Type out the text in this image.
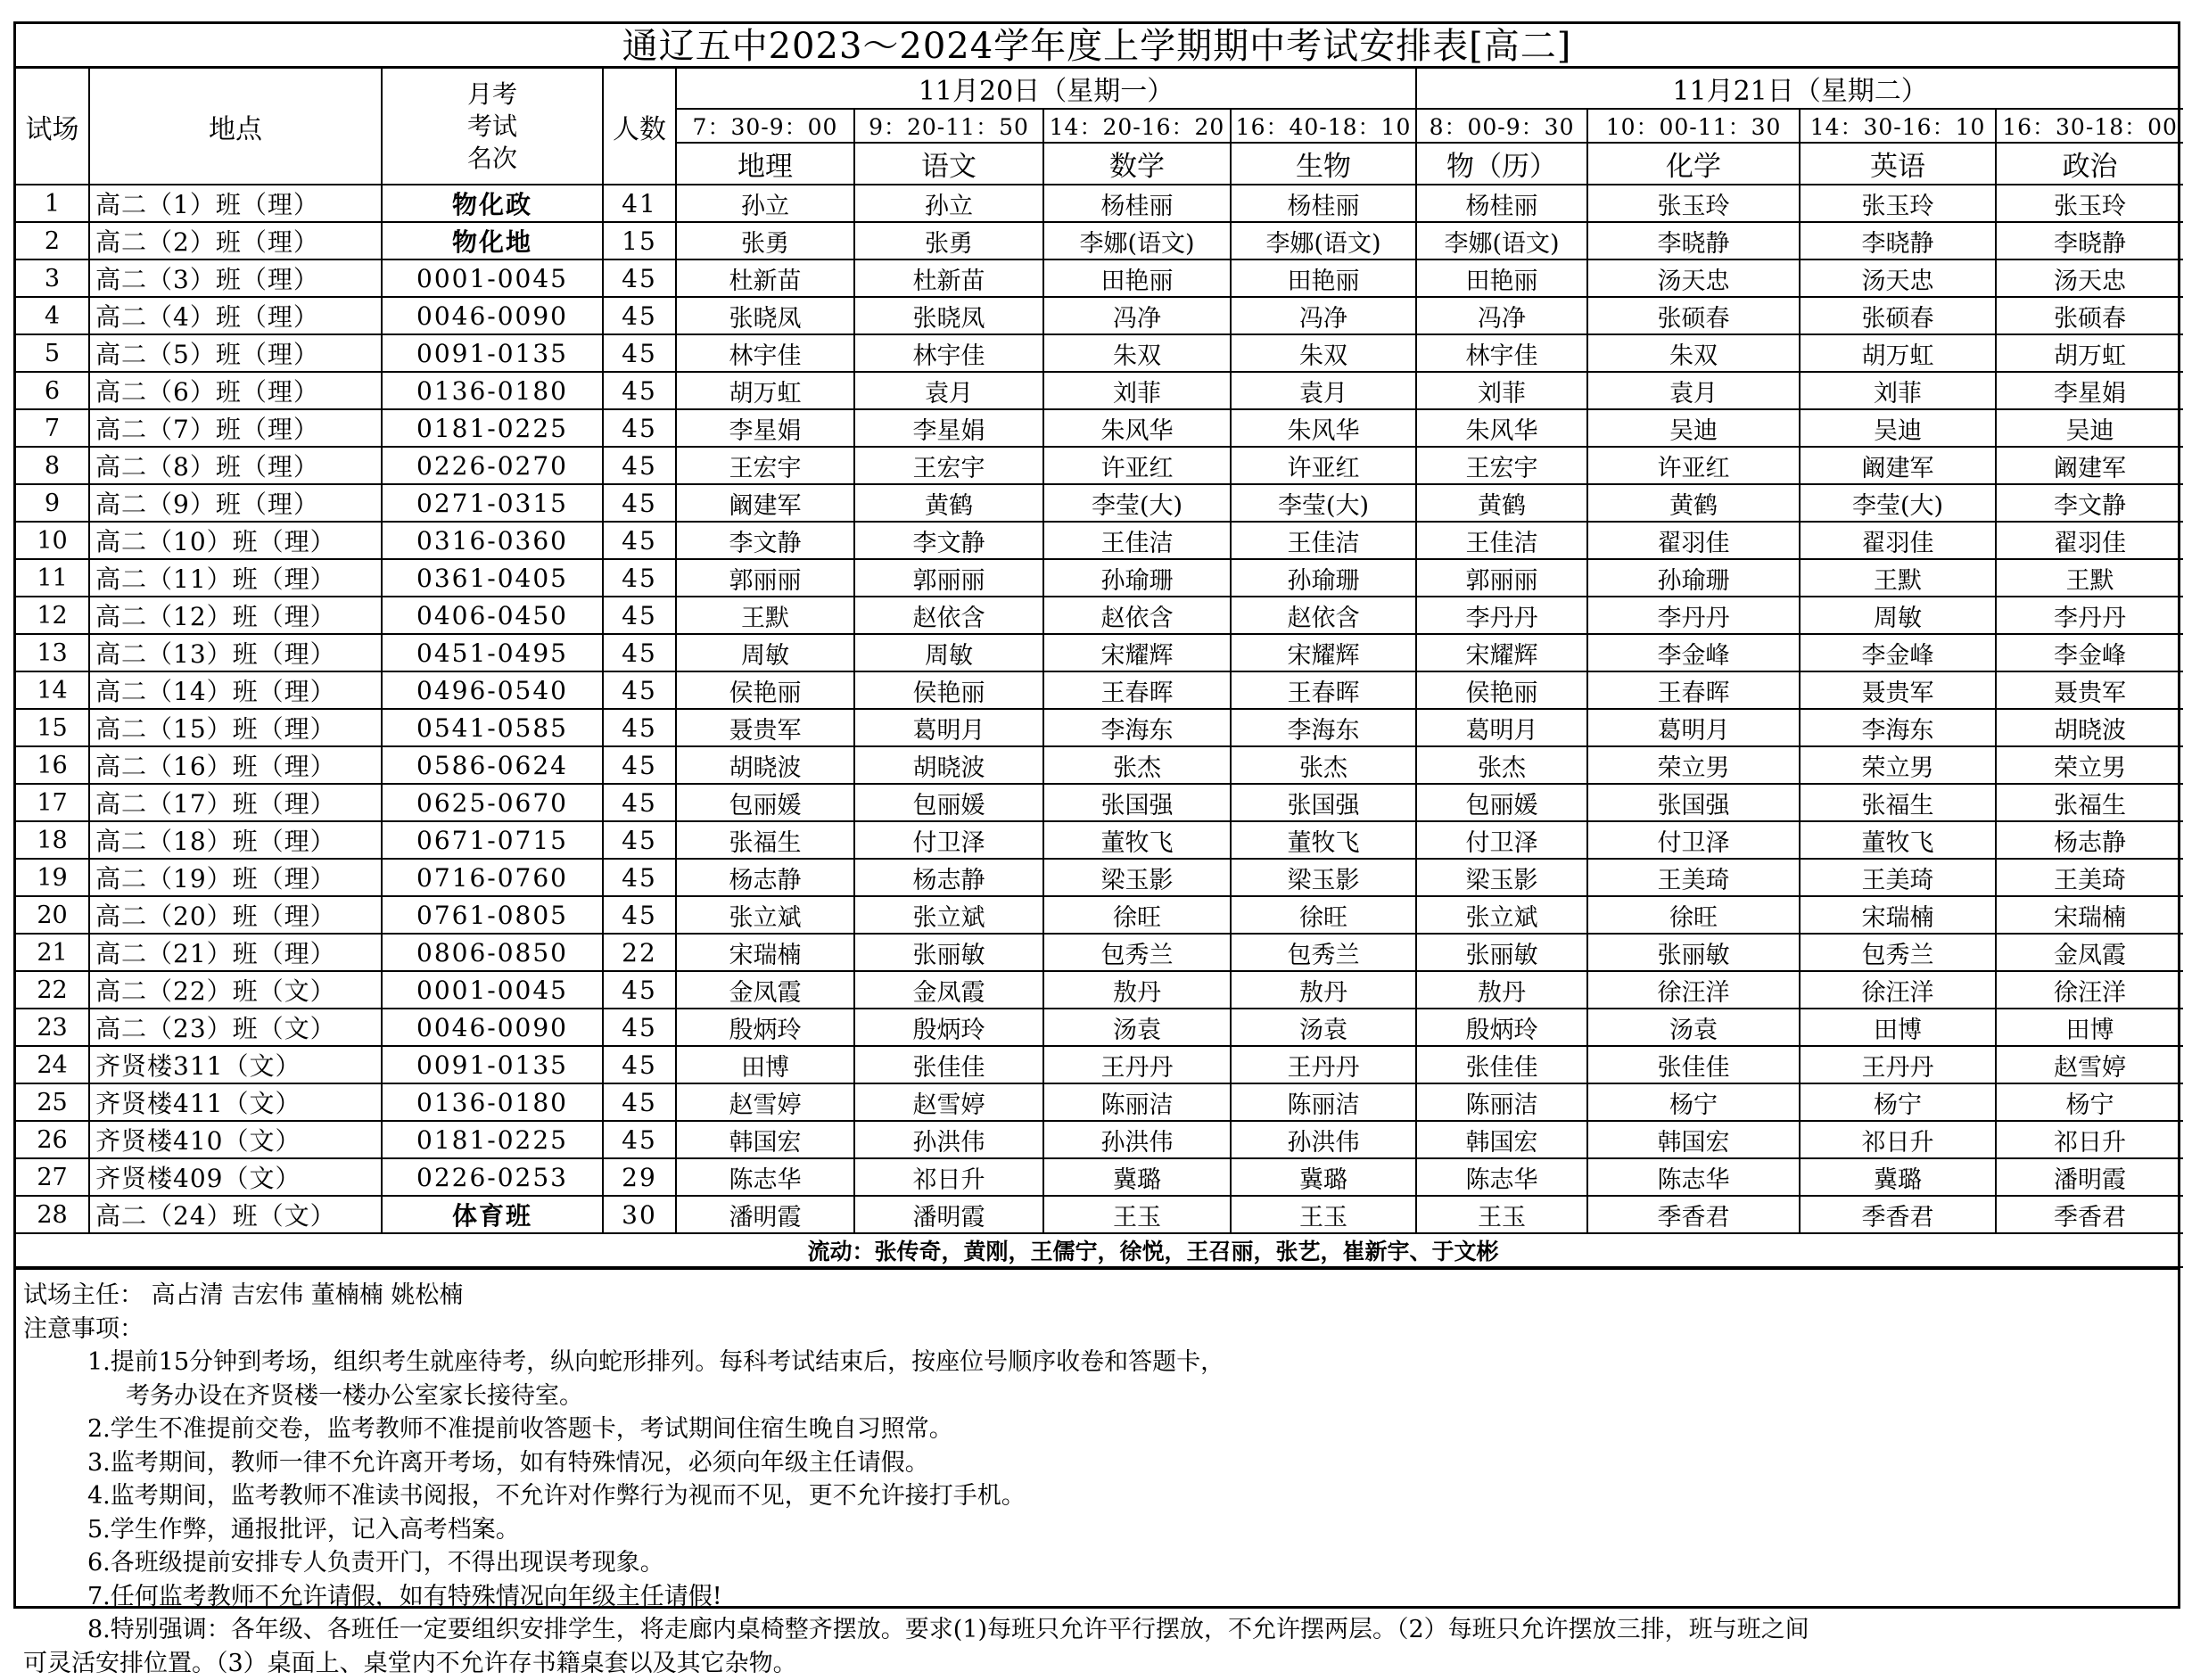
通辽五中2023～2024学年度上学期期中考试安排表[高二]
试场	地点	月考
考试
名次	人数	11月20日（星期一）				11月21日（星期二）			
				7：30-9：00	9：20-11：50	14：20-16：20	16：40-18：10	8：00-9：30	10：00-11：30	14：30-16：10	16：30-18：00
				地理	语文	数学	生物	物（历）	化学	英语	政治
1	高二（1）班（理）	物化政	41	孙立	孙立	杨桂丽	杨桂丽	杨桂丽	张玉玲	张玉玲	张玉玲
2	高二（2）班（理）	物化地	15	张勇	张勇	李娜(语文)	李娜(语文)	李娜(语文)	李晓静	李晓静	李晓静
3	高二（3）班（理）	0001-0045	45	杜新苗	杜新苗	田艳丽	田艳丽	田艳丽	汤天忠	汤天忠	汤天忠
4	高二（4）班（理）	0046-0090	45	张晓凤	张晓凤	冯净	冯净	冯净	张硕春	张硕春	张硕春
5	高二（5）班（理）	0091-0135	45	林宇佳	林宇佳	朱双	朱双	林宇佳	朱双	胡万虹	胡万虹
6	高二（6）班（理）	0136-0180	45	胡万虹	袁月	刘菲	袁月	刘菲	袁月	刘菲	李星娟
7	高二（7）班（理）	0181-0225	45	李星娟	李星娟	朱风华	朱风华	朱风华	吴迪	吴迪	吴迪
8	高二（8）班（理）	0226-0270	45	王宏宇	王宏宇	许亚红	许亚红	王宏宇	许亚红	阚建军	阚建军
9	高二（9）班（理）	0271-0315	45	阚建军	黄鹤	李莹(大)	李莹(大)	黄鹤	黄鹤	李莹(大)	李文静
10	高二（10）班（理）	0316-0360	45	李文静	李文静	王佳洁	王佳洁	王佳洁	翟羽佳	翟羽佳	翟羽佳
11	高二（11）班（理）	0361-0405	45	郭丽丽	郭丽丽	孙瑜珊	孙瑜珊	郭丽丽	孙瑜珊	王默	王默
12	高二（12）班（理）	0406-0450	45	王默	赵依含	赵依含	赵依含	李丹丹	李丹丹	周敏	李丹丹
13	高二（13）班（理）	0451-0495	45	周敏	周敏	宋耀辉	宋耀辉	宋耀辉	李金峰	李金峰	李金峰
14	高二（14）班（理）	0496-0540	45	侯艳丽	侯艳丽	王春晖	王春晖	侯艳丽	王春晖	聂贵军	聂贵军
15	高二（15）班（理）	0541-0585	45	聂贵军	葛明月	李海东	李海东	葛明月	葛明月	李海东	胡晓波
16	高二（16）班（理）	0586-0624	45	胡晓波	胡晓波	张杰	张杰	张杰	荣立男	荣立男	荣立男
17	高二（17）班（理）	0625-0670	45	包丽媛	包丽媛	张国强	张国强	包丽媛	张国强	张福生	张福生
18	高二（18）班（理）	0671-0715	45	张福生	付卫泽	董牧飞	董牧飞	付卫泽	付卫泽	董牧飞	杨志静
19	高二（19）班（理）	0716-0760	45	杨志静	杨志静	梁玉影	梁玉影	梁玉影	王美琦	王美琦	王美琦
20	高二（20）班（理）	0761-0805	45	张立斌	张立斌	徐旺	徐旺	张立斌	徐旺	宋瑞楠	宋瑞楠
21	高二（21）班（理）	0806-0850	22	宋瑞楠	张丽敏	包秀兰	包秀兰	张丽敏	张丽敏	包秀兰	金凤霞
22	高二（22）班（文）	0001-0045	45	金凤霞	金凤霞	敖丹	敖丹	敖丹	徐汪洋	徐汪洋	徐汪洋
23	高二（23）班（文）	0046-0090	45	殷炳玲	殷炳玲	汤袁	汤袁	殷炳玲	汤袁	田博	田博
24	齐贤楼311（文）	0091-0135	45	田博	张佳佳	王丹丹	王丹丹	张佳佳	张佳佳	王丹丹	赵雪婷
25	齐贤楼411（文）	0136-0180	45	赵雪婷	赵雪婷	陈丽洁	陈丽洁	陈丽洁	杨宁	杨宁	杨宁
26	齐贤楼410（文）	0181-0225	45	韩国宏	孙洪伟	孙洪伟	孙洪伟	韩国宏	韩国宏	祁日升	祁日升
27	齐贤楼409（文）	0226-0253	29	陈志华	祁日升	冀璐	冀璐	陈志华	陈志华	冀璐	潘明霞
28	高二（24）班（文）	体育班	30	潘明霞	潘明霞	王玉	王玉	王玉	季香君	季香君	季香君
流动：张传奇，黄刚，王儒宁，徐悦，王召丽，张艺，崔新宇、于文彬											
试场主任： 高占清 吉宏伟 董楠楠 姚松楠
注意事项：
1.提前15分钟到考场，组织考生就座待考，纵向蛇形排列。每科考试结束后，按座位号顺序收卷和答题卡，
考务办设在齐贤楼一楼办公室家长接待室。
2.学生不准提前交卷，监考教师不准提前收答题卡，考试期间住宿生晚自习照常。
3.监考期间，教师一律不允许离开考场，如有特殊情况，必须向年级主任请假。
4.监考期间，监考教师不准读书阅报，不允许对作弊行为视而不见，更不允许接打手机。
5.学生作弊，通报批评，记入高考档案。
6.各班级提前安排专人负责开门，不得出现误考现象。
7.任何监考教师不允许请假，如有特殊情况向年级主任请假!
8.特别强调：各年级、各班任一定要组织安排学生，将走廊内桌椅整齐摆放。要求(1)每班只允许平行摆放，不允许摆两层。（2）每班只允许摆放三排，班与班之间
可灵活安排位置。（3）桌面上、桌堂内不允许存书籍桌套以及其它杂物。
